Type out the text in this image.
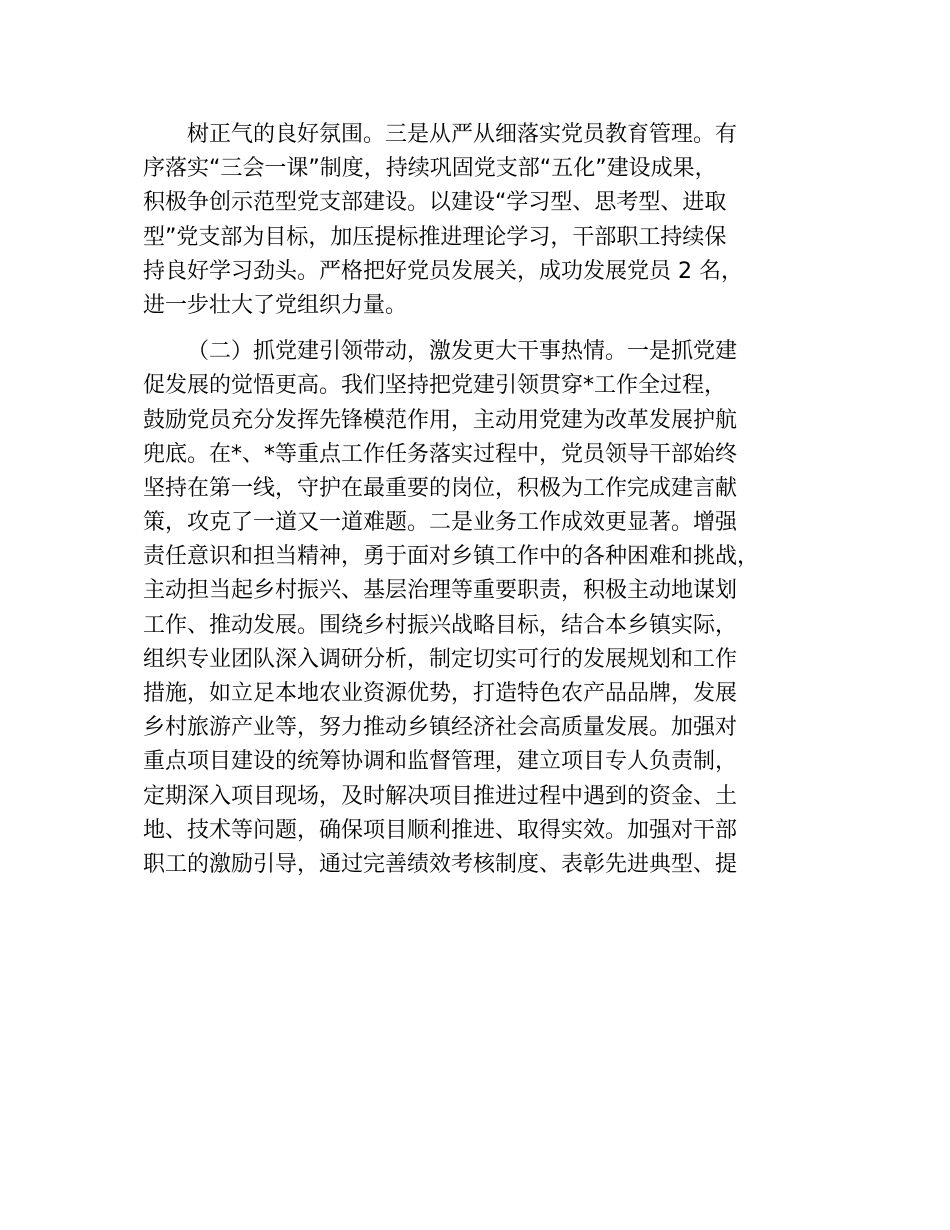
树正气的良好氛围。三是从严从细落实党员教育管理。有
序落实“三会一课”制度，持续巩固党支部“五化”建设成果，
积极争创示范型党支部建设。以建设“学习型、思考型、进取
型”党支部为目标，加压提标推进理论学习，干部职工持续保
持良好学习劲头。严格把好党员发展关，成功发展党员 2 名，
进一步壮大了党组织力量。
（二）抓党建引领带动，激发更大干事热情。一是抓党建
促发展的觉悟更高。我们坚持把党建引领贯穿*工作全过程，
鼓励党员充分发挥先锋模范作用，主动用党建为改革发展护航
兜底。在*、*等重点工作任务落实过程中，党员领导干部始终
坚持在第一线，守护在最重要的岗位，积极为工作完成建言献
策，攻克了一道又一道难题。二是业务工作成效更显著。增强
责任意识和担当精神，勇于面对乡镇工作中的各种困难和挑战，
主动担当起乡村振兴、基层治理等重要职责，积极主动地谋划
工作、推动发展。围绕乡村振兴战略目标，结合本乡镇实际，
组织专业团队深入调研分析，制定切实可行的发展规划和工作
措施，如立足本地农业资源优势，打造特色农产品品牌，发展
乡村旅游产业等，努力推动乡镇经济社会高质量发展。加强对
重点项目建设的统筹协调和监督管理，建立项目专人负责制，
定期深入项目现场，及时解决项目推进过程中遇到的资金、土
地、技术等问题，确保项目顺利推进、取得实效。加强对干部
职工的激励引导，通过完善绩效考核制度、表彰先进典型、提
